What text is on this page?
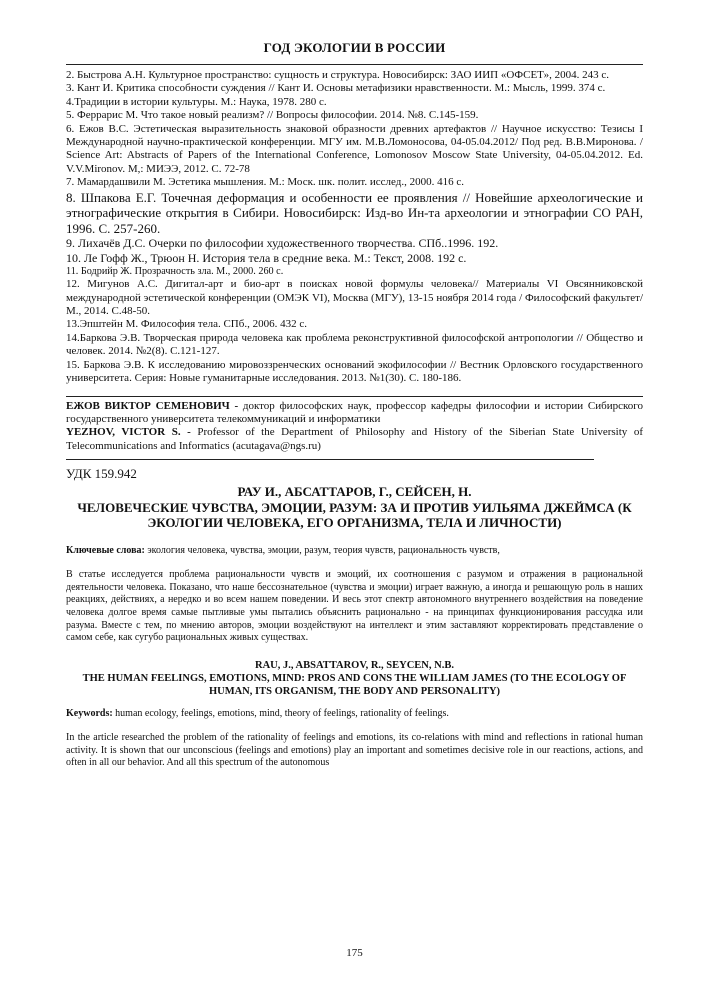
ГОД ЭКОЛОГИИ В РОССИИ
2. Быстрова А.Н. Культурное пространство: сущность и структура. Новосибирск: ЗАО ИИП «ОФСЕТ», 2004. 243 с.
3. Кант И. Критика способности суждения // Кант И. Основы метафизики нравственности. М.: Мысль, 1999. 374 с.
4.Традиции в истории культуры. М.: Наука, 1978. 280 с.
5. Феррарис М. Что такое новый реализм? // Вопросы философии. 2014. №8. С.145-159.
6. Ежов В.С. Эстетическая выразительность знаковой образности древних артефактов // Научное искусство: Тезисы I Международной научно-практической конференции. МГУ им. М.В.Ломоносова, 04-05.04.2012/ Под ред. В.В.Миронова. / Science Art: Abstracts of Papers of the International Conference, Lomonosov Moscow State University, 04-05.04.2012. Ed. V.V.Mironov. М,: МИЭЭ, 2012. С. 72-78
7. Мамардашвили М. Эстетика мышления. М.: Моск. шк. полит. исслед., 2000. 416 с.
8. Шпакова Е.Г. Точечная деформация и особенности ее проявления // Новейшие археологические и этнографические открытия в Сибири. Новосибирск: Изд-во Ин-та археологии и этнографии СО РАН, 1996. С. 257-260.
9. Лихачёв Д.С. Очерки по философии художественного творчества. СПб..1996. 192.
10. Ле Гофф Ж., Трюон Н. История тела в средние века. М.: Текст, 2008. 192 с.
11. Бодрийр Ж. Прозрачность зла. М., 2000. 260 с.
12. Мигунов А.С. Дигитал-арт и био-арт в поисках новой формулы человека// Материалы VI Овсянниковской международной эстетической конференции (ОМЭК VI), Москва (МГУ), 13-15 ноября 2014 года / Философский факультет/ М., 2014. С.48-50.
13.Эпштейн М. Философия тела. СПб., 2006. 432 с.
14.Баркова Э.В. Творческая природа человека как проблема реконструктивной философской антропологии // Общество и человек. 2014. №2(8). С.121-127.
15. Баркова Э.В. К исследованию мировоззренческих оснований экофилософии // Вестник Орловского государственного университета. Серия: Новые гуманитарные исследования. 2013. №1(30). С. 180-186.
ЕЖОВ ВИКТОР СЕМЕНОВИЧ - доктор философских наук, профессор кафедры философии и истории Сибирского государственного университета телекоммуникаций и информатики
YEZHOV, VICTOR S. - Professor of the Department of Philosophy and History of the Siberian State University of Telecommunications and Informatics (acutagava@ngs.ru)
УДК 159.942
РАУ И., АБСАТТАРОВ, Г., СЕЙСЕН, Н.
ЧЕЛОВЕЧЕСКИЕ ЧУВСТВА, ЭМОЦИИ, РАЗУМ: ЗА И ПРОТИВ УИЛЬЯМА ДЖЕЙМСА (К ЭКОЛОГИИ ЧЕЛОВЕКА, ЕГО ОРГАНИЗМА, ТЕЛА И ЛИЧНОСТИ)
Ключевые слова: экология человека, чувства, эмоции, разум, теория чувств, рациональность чувств,
В статье исследуется проблема рациональности чувств и эмоций, их соотношения с разумом и отражения в рациональной деятельности человека. Показано, что наше бессознательное (чувства и эмоции) играет важную, а иногда и решающую роль в наших реакциях, действиях, а нередко и во всем нашем поведении. И весь этот спектр автономного внутреннего воздействия на поведение человека долгое время самые пытливые умы пытались объяснить рационально - на принципах функционирования рассудка или разума. Вместе с тем, по мнению авторов, эмоции воздействуют на интеллект и этим заставляют корректировать представление о самом себе, как сугубо рациональных живых существах.
RAU, J., ABSATTAROV, R., SEYCEN, N.B.
THE HUMAN FEELINGS, EMOTIONS, MIND: PROS AND CONS THE WILLIAM JAMES (TO THE ECOLOGY OF HUMAN, ITS ORGANISM, THE BODY AND PERSONALITY)
Keywords: human ecology, feelings, emotions, mind, theory of feelings, rationality of feelings.
In the article researched the problem of the rationality of feelings and emotions, its co-relations with mind and reflections in rational human activity. It is shown that our unconscious (feelings and emotions) play an important and sometimes decisive role in our reactions, actions, and often in all our behavior. And all this spectrum of the autonomous
175
